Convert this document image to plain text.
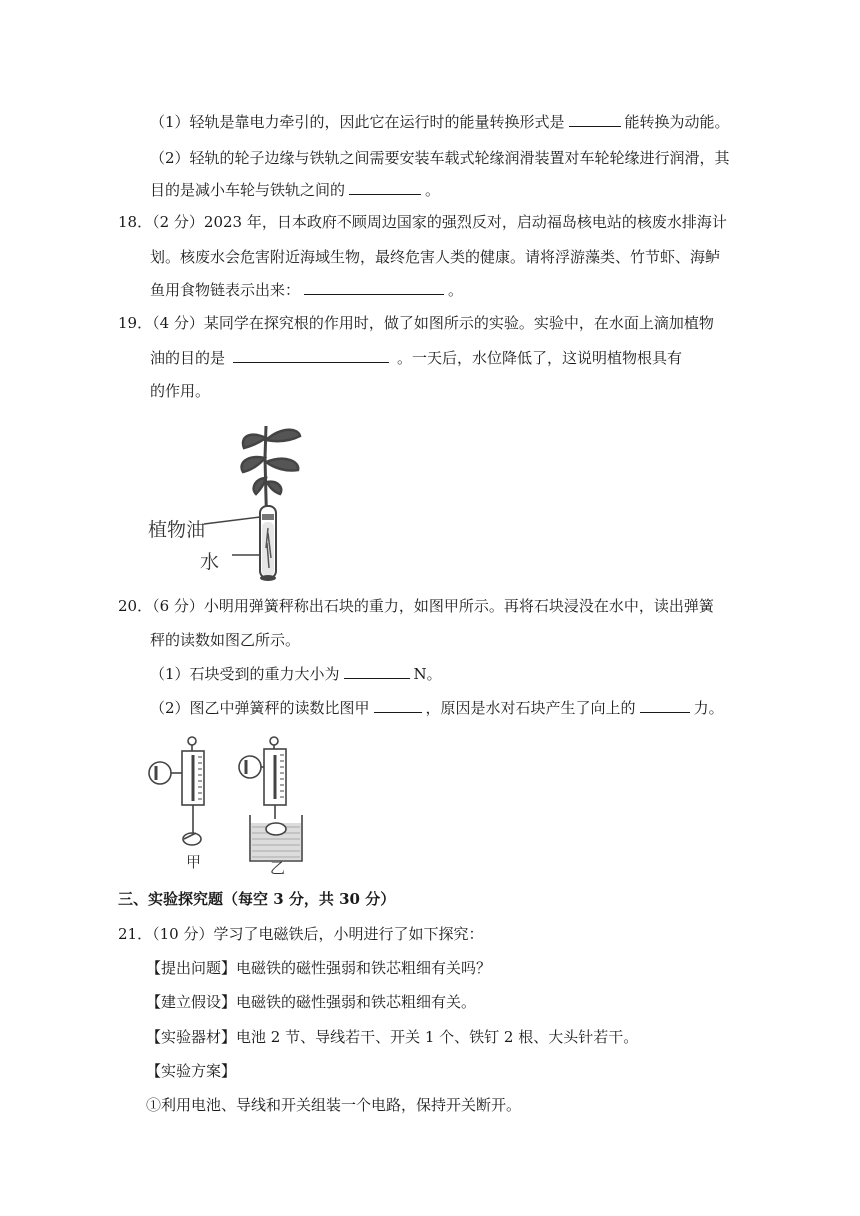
（1）轻轨是靠电力牵引的，因此它在运行时的能量转换形式是	能转换为动能。
（2）轻轨的轮子边缘与铁轨之间需要安装车载式轮缘润滑装置对车轮轮缘进行润滑，其
目的是减小车轮与铁轨之间的	。
18．（2 分）2023 年，日本政府不顾周边国家的强烈反对，启动福岛核电站的核废水排海计
划。核废水会危害附近海域生物，最终危害人类的健康。请将浮游藻类、竹节虾、海鲈
鱼用食物链表示出来：	。
19．（4 分）某同学在探究根的作用时，做了如图所示的实验。实验中，在水面上滴加植物
油的目的是	。一天后，水位降低了，这说明植物根具有
的作用。
植物油
水
20．（6 分）小明用弹簧秤称出石块的重力，如图甲所示。再将石块浸没在水中，读出弹簧
秤的读数如图乙所示。
（1）石块受到的重力大小为	N。
（2）图乙中弹簧秤的读数比图甲	，原因是水对石块产生了向上的	力。
甲	乙
三、实验探究题（每空 3 分，共 30 分）
21．（10 分）学习了电磁铁后，小明进行了如下探究：
【提出问题】电磁铁的磁性强弱和铁芯粗细有关吗？
【建立假设】电磁铁的磁性强弱和铁芯粗细有关。
【实验器材】电池 2 节、导线若干、开关 1 个、铁钉 2 根、大头针若干。
【实验方案】
①利用电池、导线和开关组装一个电路，保持开关断开。
